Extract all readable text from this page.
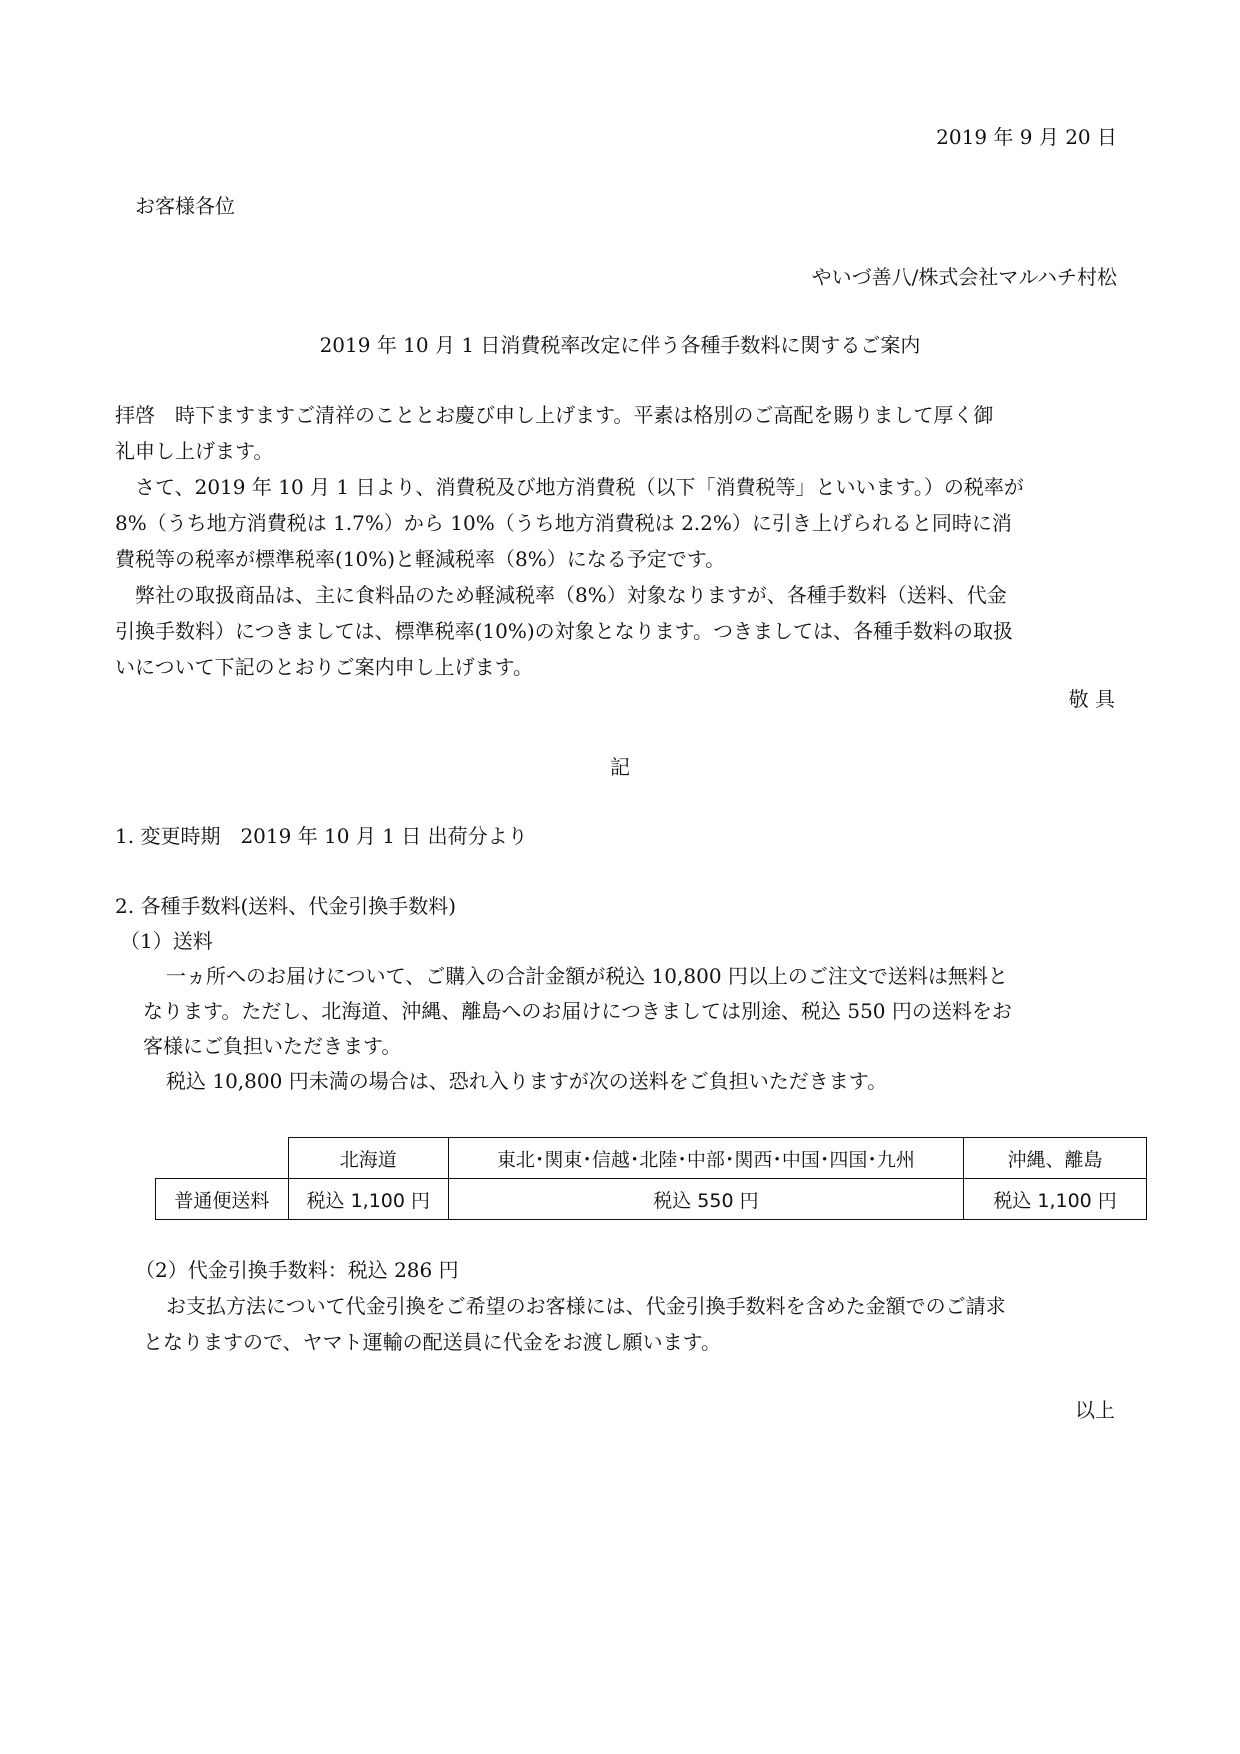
2019 年 9 月 20 日
お客様各位
やいづ善八/株式会社マルハチ村松
2019 年 10 月 1 日消費税率改定に伴う各種手数料に関するご案内
拝啓　時下ますますご清祥のこととお慶び申し上げます。平素は格別のご高配を賜りまして厚く御
礼申し上げます。
さて、2019 年 10 月 1 日より、消費税及び地方消費税（以下「消費税等」といいます。）の税率が
8%（うち地方消費税は 1.7%）から 10%（うち地方消費税は 2.2%）に引き上げられると同時に消
費税等の税率が標準税率(10%)と軽減税率（8%）になる予定です。
弊社の取扱商品は、主に食料品のため軽減税率（8%）対象なりますが、各種手数料（送料、代金
引換手数料）につきましては、標準税率(10%)の対象となります。つきましては、各種手数料の取扱
いについて下記のとおりご案内申し上げます。
敬 具
記
1. 変更時期　2019 年 10 月 1 日 出荷分より
2. 各種手数料(送料、代金引換手数料)
（1）送料
一ヵ所へのお届けについて、ご購入の合計金額が税込 10,800 円以上のご注文で送料は無料と
なります。ただし、北海道、沖縄、離島へのお届けにつきましては別途、税込 550 円の送料をお
客様にご負担いただきます。
税込 10,800 円未満の場合は、恐れ入りますが次の送料をご負担いただきます。
	北海道	東北･関東･信越･北陸･中部･関西･中国･四国･九州	沖縄、離島
普通便送料	税込 1,100 円	税込 550 円	税込 1,100 円
（2）代金引換手数料：税込 286 円
お支払方法について代金引換をご希望のお客様には、代金引換手数料を含めた金額でのご請求
となりますので、ヤマト運輸の配送員に代金をお渡し願います。
以上
